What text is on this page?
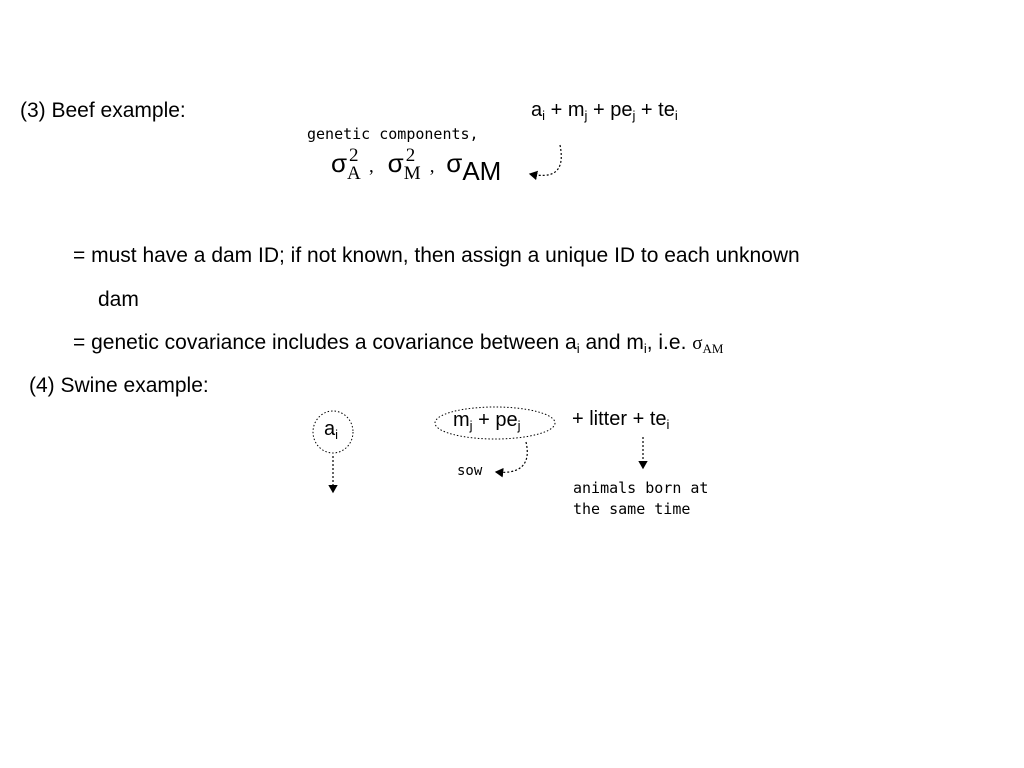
(3) Beef example:	$a_i + m_j + pe_j + te_i$
genetic components,
σ 2
A , σ 2
M , σAM
= must have a dam ID; if not known, then assign a unique ID to each unknown
dam
= genetic covariance includes a covariance between $a_i$ and $m_i$, i.e. $\sigma_{AM}$
(4) Swine example:
$a_i$
$m_j + pe_j$	+ litter + $te_i$
sow
animals born at
the same time
